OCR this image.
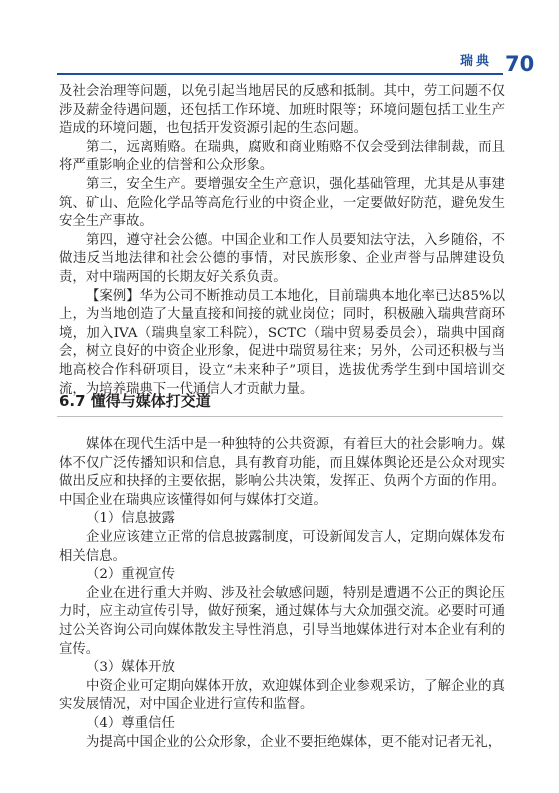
瑞典 70

及社会治理等问题，以免引起当地居民的反感和抵制。其中，劳工问题不仅涉及薪金待遇问题，还包括工作环境、加班时限等；环境问题包括工业生产造成的环境问题，也包括开发资源引起的生态问题。

第二，远离贿赂。在瑞典，腐败和商业贿赂不仅会受到法律制裁，而且将严重影响企业的信誉和公众形象。

第三，安全生产。要增强安全生产意识，强化基础管理，尤其是从事建筑、矿山、危险化学品等高危行业的中资企业，一定要做好防范，避免发生安全生产事故。

第四，遵守社会公德。中国企业和工作人员要知法守法，入乡随俗，不做违反当地法律和社会公德的事情，对民族形象、企业声誉与品牌建设负责，对中瑞两国的长期友好关系负责。

【案例】华为公司不断推动员工本地化，目前瑞典本地化率已达85%以上，为当地创造了大量直接和间接的就业岗位；同时，积极融入瑞典营商环境，加入IVA（瑞典皇家工科院），SCTC（瑞中贸易委员会），瑞典中国商会，树立良好的中资企业形象，促进中瑞贸易往来；另外，公司还积极与当地高校合作科研项目，设立“未来种子”项目，选拔优秀学生到中国培训交流，为培养瑞典下一代通信人才贡献力量。

6.7 懂得与媒体打交道

媒体在现代生活中是一种独特的公共资源，有着巨大的社会影响力。媒体不仅广泛传播知识和信息，具有教育功能，而且媒体舆论还是公众对现实做出反应和抉择的主要依据，影响公共决策，发挥正、负两个方面的作用。中国企业在瑞典应该懂得如何与媒体打交道。

（1）信息披露

企业应该建立正常的信息披露制度，可设新闻发言人，定期向媒体发布相关信息。

（2）重视宣传

企业在进行重大并购、涉及社会敏感问题，特别是遭遇不公正的舆论压力时，应主动宣传引导，做好预案，通过媒体与大众加强交流。必要时可通过公关咨询公司向媒体散发主导性消息，引导当地媒体进行对本企业有利的宣传。

（3）媒体开放

中资企业可定期向媒体开放，欢迎媒体到企业参观采访，了解企业的真实发展情况，对中国企业进行宣传和监督。

（4）尊重信任

为提高中国企业的公众形象，企业不要拒绝媒体，更不能对记者无礼，
